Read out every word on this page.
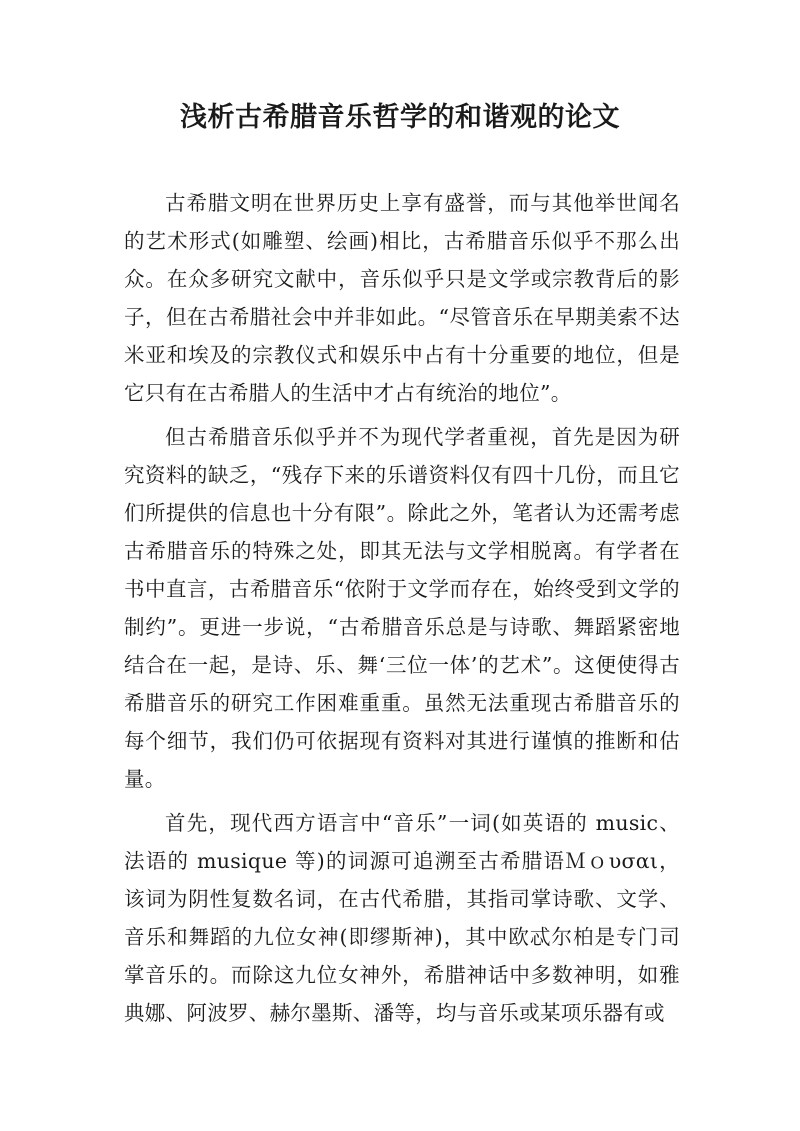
浅析古希腊音乐哲学的和谐观的论文

古希腊文明在世界历史上享有盛誉，而与其他举世闻名的艺术形式(如雕塑、绘画)相比，古希腊音乐似乎不那么出众。在众多研究文献中，音乐似乎只是文学或宗教背后的影子，但在古希腊社会中并非如此。“尽管音乐在早期美索不达米亚和埃及的宗教仪式和娱乐中占有十分重要的地位，但是它只有在古希腊人的生活中才占有统治的地位”。

但古希腊音乐似乎并不为现代学者重视，首先是因为研究资料的缺乏，“残存下来的乐谱资料仅有四十几份，而且它们所提供的信息也十分有限”。除此之外，笔者认为还需考虑古希腊音乐的特殊之处，即其无法与文学相脱离。有学者在书中直言，古希腊音乐“依附于文学而存在，始终受到文学的制约”。更进一步说，“古希腊音乐总是与诗歌、舞蹈紧密地结合在一起，是诗、乐、舞‘三位一体’的艺术”。这便使得古希腊音乐的研究工作困难重重。虽然无法重现古希腊音乐的每个细节，我们仍可依据现有资料对其进行谨慎的推断和估量。

首先，现代西方语言中“音乐”一词(如英语的 music、法语的 musique 等)的词源可追溯至古希腊语Ｍｏυσαι，该词为阴性复数名词，在古代希腊，其指司掌诗歌、文学、音乐和舞蹈的九位女神(即缪斯神)，其中欧忒尔柏是专门司掌音乐的。而除这九位女神外，希腊神话中多数神明，如雅典娜、阿波罗、赫尔墨斯、潘等，均与音乐或某项乐器有或
